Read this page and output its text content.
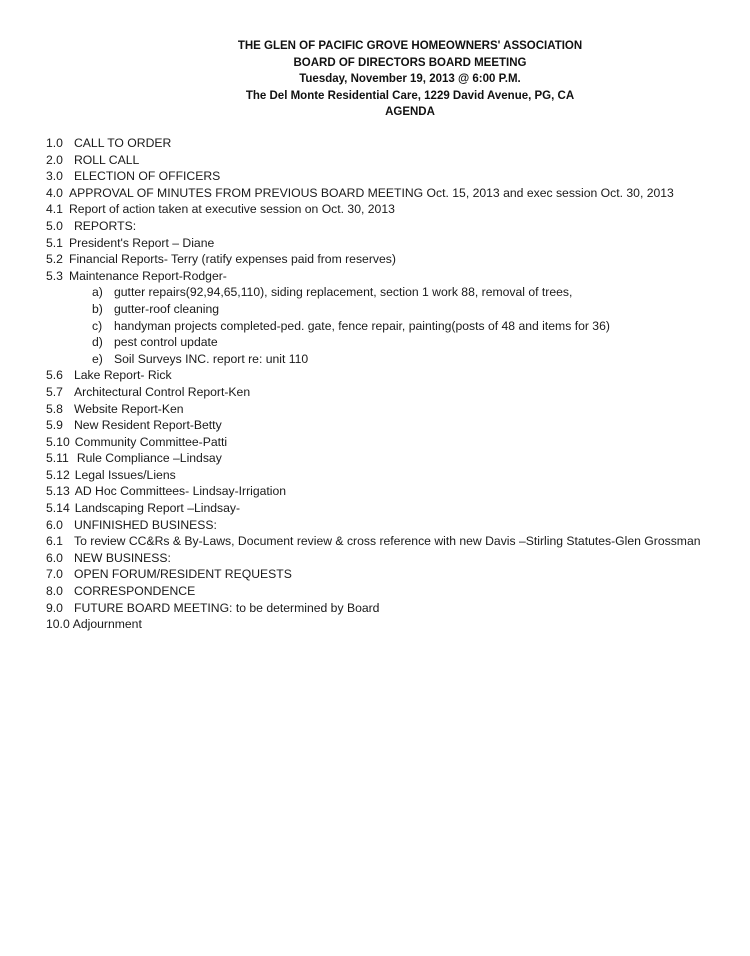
THE GLEN OF PACIFIC GROVE HOMEOWNERS' ASSOCIATION
BOARD OF DIRECTORS BOARD MEETING
Tuesday, November 19, 2013 @ 6:00 P.M.
The Del Monte Residential Care, 1229 David Avenue, PG, CA
AGENDA
1.0 CALL TO ORDER
2.0 ROLL CALL
3.0 ELECTION OF OFFICERS
4.0 APPROVAL OF MINUTES FROM PREVIOUS BOARD MEETING Oct. 15, 2013 and exec session Oct. 30, 2013
4.1 Report of action taken at executive session on Oct. 30, 2013
5.0 REPORTS:
5.1 President's Report – Diane
5.2 Financial Reports- Terry (ratify expenses paid from reserves)
5.3 Maintenance Report-Rodger-
a) gutter repairs(92,94,65,110), siding replacement, section 1 work 88, removal of trees,
b) gutter-roof cleaning
c) handyman projects completed-ped. gate, fence repair, painting(posts of 48 and items for 36)
d) pest control update
e) Soil Surveys INC. report re: unit 110
5.6 Lake Report- Rick
5.7 Architectural Control Report-Ken
5.8 Website Report-Ken
5.9 New Resident Report-Betty
5.10 Community Committee-Patti
5.11 Rule Compliance –Lindsay
5.12 Legal Issues/Liens
5.13 AD Hoc Committees- Lindsay-Irrigation
5.14 Landscaping Report –Lindsay-
6.0 UNFINISHED BUSINESS:
6.1 To review CC&Rs & By-Laws, Document review & cross reference with new Davis –Stirling Statutes-Glen Grossman
6.0 NEW BUSINESS:
7.0 OPEN FORUM/RESIDENT REQUESTS
8.0 CORRESPONDENCE
9.0 FUTURE BOARD MEETING: to be determined by Board
10.0 Adjournment
